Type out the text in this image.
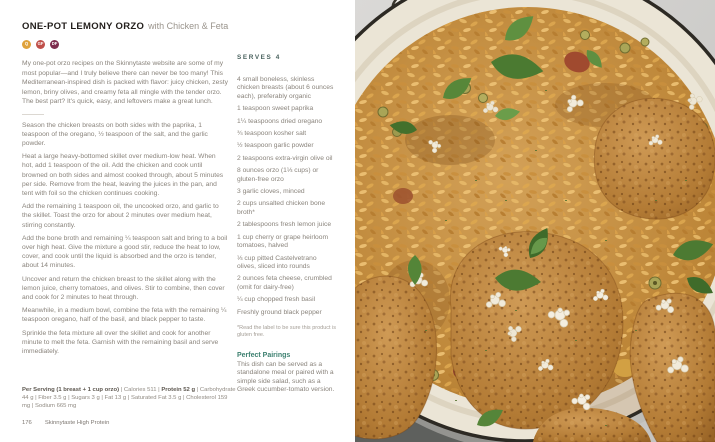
ONE-POT LEMONY ORZO with Chicken & Feta
Q	GF	DF

My one-pot orzo recipes on the Skinnytaste website are some of my most popular—and I truly believe there can never be too many! This Mediterranean-inspired dish is packed with flavor: juicy chicken, zesty lemon, briny olives, and creamy feta all mingle with the tender orzo. The best part? It's quick, easy, and leftovers make a great lunch.

Season the chicken breasts on both sides with the paprika, 1 teaspoon of the oregano, ½ teaspoon of the salt, and the garlic powder.

Heat a large heavy-bottomed skillet over medium-low heat. When hot, add 1 teaspoon of the oil. Add the chicken and cook until browned on both sides and almost cooked through, about 5 minutes per side. Remove from the heat, leaving the juices in the pan, and tent with foil so the chicken continues cooking.

Add the remaining 1 teaspoon oil, the uncooked orzo, and garlic to the skillet. Toast the orzo for about 2 minutes over medium heat, stirring constantly.

Add the bone broth and remaining ¼ teaspoon salt and bring to a boil over high heat. Give the mixture a good stir, reduce the heat to low, cover, and cook until the liquid is absorbed and the orzo is tender, about 14 minutes.

Uncover and return the chicken breast to the skillet along with the lemon juice, cherry tomatoes, and olives. Stir to combine, then cover and cook for 2 minutes to heat through.

Meanwhile, in a medium bowl, combine the feta with the remaining ¼ teaspoon oregano, half of the basil, and black pepper to taste.

Sprinkle the feta mixture all over the skillet and cook for another minute to melt the feta. Garnish with the remaining basil and serve immediately.

Per Serving (1 breast + 1 cup orzo) | Calories 511 | Protein 52 g | Carbohydrate 44 g | Fiber 3.5 g | Sugars 3 g | Fat 13 g | Saturated Fat 3.5 g | Cholesterol 159 mg | Sodium 665 mg

176 Skinnytaste High Protein

SERVES 4

4 small boneless, skinless chicken breasts (about 6 ounces each), preferably organic

1 teaspoon sweet paprika

1¼ teaspoons dried oregano

¾ teaspoon kosher salt

½ teaspoon garlic powder

2 teaspoons extra-virgin olive oil

8 ounces orzo (1⅓ cups) or gluten-free orzo

3 garlic cloves, minced

2 cups unsalted chicken bone broth*

2 tablespoons fresh lemon juice

1 cup cherry or grape heirloom tomatoes, halved

⅓ cup pitted Castelvetrano olives, sliced into rounds

2 ounces feta cheese, crumbled (omit for dairy-free)

¼ cup chopped fresh basil

Freshly ground black pepper

*Read the label to be sure this product is gluten free.

Perfect Pairings

This dish can be served as a standalone meal or paired with a simple side salad, such as a Greek cucumber-tomato version.
